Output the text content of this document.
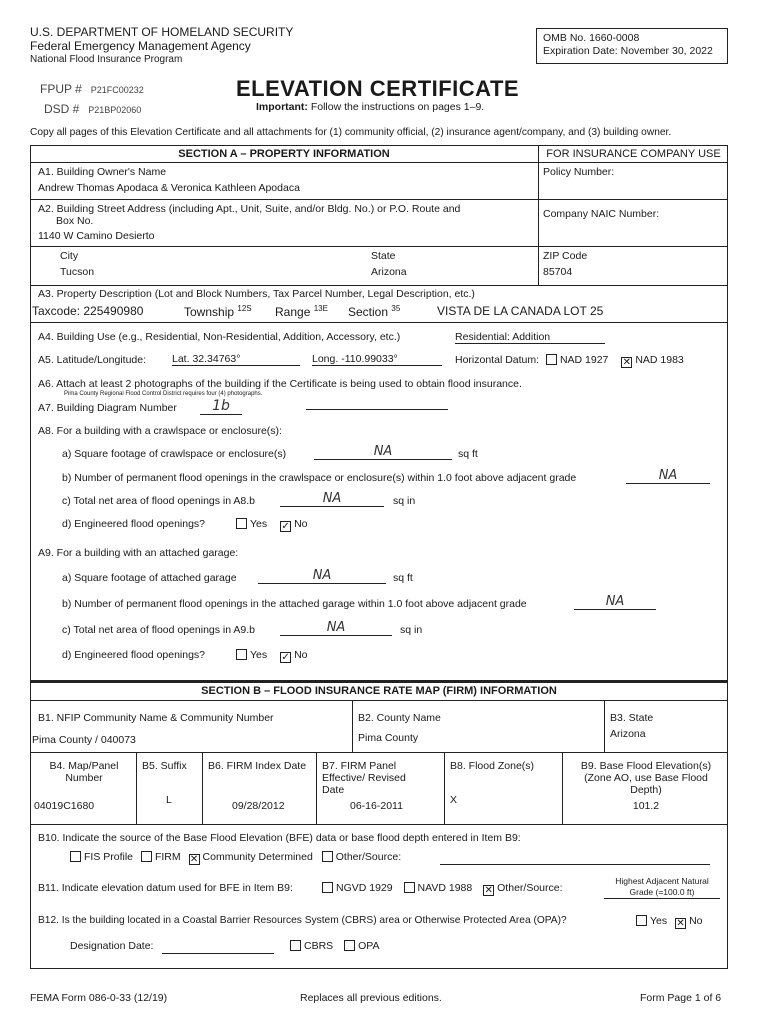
U.S. DEPARTMENT OF HOMELAND SECURITY
Federal Emergency Management Agency
National Flood Insurance Program
OMB No. 1660-0008
Expiration Date: November 30, 2022
FPUP # P21FC00232
DSD # P21BP02060
ELEVATION CERTIFICATE
Important: Follow the instructions on pages 1–9.
Copy all pages of this Elevation Certificate and all attachments for (1) community official, (2) insurance agent/company, and (3) building owner.
SECTION A – PROPERTY INFORMATION	FOR INSURANCE COMPANY USE
A1. Building Owner's Name
Andrew Thomas Apodaca & Veronica Kathleen Apodaca
Policy Number:
A2. Building Street Address (including Apt., Unit, Suite, and/or Bldg. No.) or P.O. Route and
Box No.
1140 W Camino Desierto
Company NAIC Number:
City
Tucson
State
Arizona
ZIP Code
85704
A3. Property Description (Lot and Block Numbers, Tax Parcel Number, Legal Description, etc.)
Taxcode: 225490980	Township $^{12S}$ Range $^{13E}$ Section $^{35}$	VISTA DE LA CANADA LOT 25
A4. Building Use (e.g., Residential, Non-Residential, Addition, Accessory, etc.)	Residential: Addition
A5. Latitude/Longitude: Lat. 32.34763°	Long. -110.99033°	Horizontal Datum: NAD 1927 ✕ NAD 1983
A6. Attach at least 2 photographs of the building if the Certificate is being used to obtain flood insurance.
Pima County Regional Flood Control District requires four (4) photographs.
A7. Building Diagram Number	1b
A8. For a building with a crawlspace or enclosure(s):
a) Square footage of crawlspace or enclosure(s)	NA	sq ft
b) Number of permanent flood openings in the crawlspace or enclosure(s) within 1.0 foot above adjacent grade	NA
c) Total net area of flood openings in A8.b	NA	sq in
d) Engineered flood openings?	Yes ✓ No
A9. For a building with an attached garage:
a) Square footage of attached garage	NA	sq ft
b) Number of permanent flood openings in the attached garage within 1.0 foot above adjacent grade	NA
c) Total net area of flood openings in A9.b	NA	sq in
d) Engineered flood openings?	Yes ✓ No
SECTION B – FLOOD INSURANCE RATE MAP (FIRM) INFORMATION
B1. NFIP Community Name & Community Number
Pima County / 040073
B2. County Name
Pima County
B3. State
Arizona
B4. Map/Panel Number
04019C1680
B5. Suffix
L
B6. FIRM Index Date
09/28/2012
B7. FIRM Panel Effective/ Revised Date
06-16-2011
B8. Flood Zone(s)
X
B9. Base Flood Elevation(s) (Zone AO, use Base Flood Depth)
101.2
B10. Indicate the source of the Base Flood Elevation (BFE) data or base flood depth entered in Item B9:
FIS Profile FIRM ✕ Community Determined Other/Source:
B11. Indicate elevation datum used for BFE in Item B9:	NGVD 1929 NAVD 1988 ✕ Other/Source:
Highest Adjacent Natural Grade (=100.0 ft)
B12. Is the building located in a Coastal Barrier Resources System (CBRS) area or Otherwise Protected Area (OPA)?	Yes ✕ No
Designation Date:	CBRS OPA
FEMA Form 086-0-33 (12/19)	Replaces all previous editions.	Form Page 1 of 6
